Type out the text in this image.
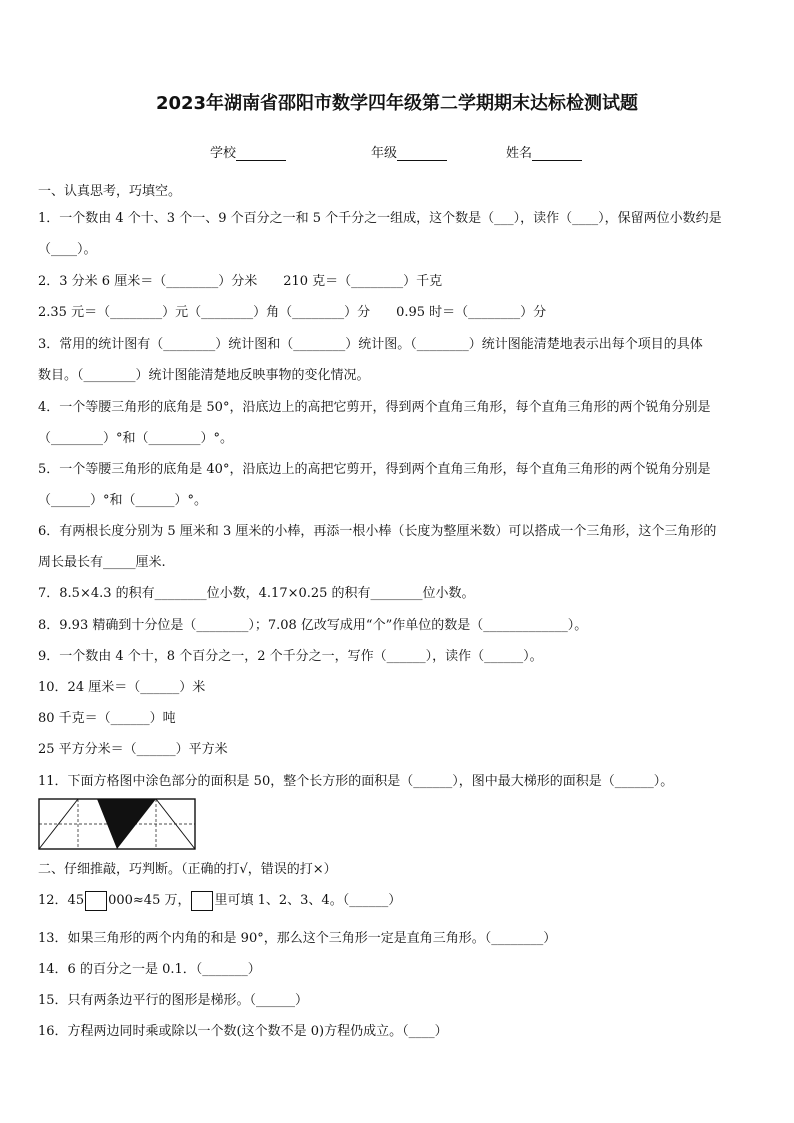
2023年湖南省邵阳市数学四年级第二学期期末达标检测试题
学校	年级	姓名
一、认真思考，巧填空。
1．一个数由 4 个十、3 个一、9 个百分之一和 5 个千分之一组成，这个数是（___），读作（____），保留两位小数约是
（____）。
2．3 分米 6 厘米＝（________）分米　　210 克＝（________）千克
2.35 元＝（________）元（________）角（________）分　　0.95 时＝（________）分
3．常用的统计图有（________）统计图和（________）统计图。（________）统计图能清楚地表示出每个项目的具体
数目。（________）统计图能清楚地反映事物的变化情况。
4．一个等腰三角形的底角是 50°，沿底边上的高把它剪开，得到两个直角三角形，每个直角三角形的两个锐角分别是
（________）°和（________）°。
5．一个等腰三角形的底角是 40°，沿底边上的高把它剪开，得到两个直角三角形，每个直角三角形的两个锐角分别是
（______）°和（______）°。
6．有两根长度分别为 5 厘米和 3 厘米的小棒，再添一根小棒（长度为整厘米数）可以搭成一个三角形，这个三角形的
周长最长有_____厘米.
7．8.5×4.3 的积有________位小数，4.17×0.25 的积有________位小数。
8．9.93 精确到十分位是（________）；7.08 亿改写成用“个”作单位的数是（_____________）。
9．一个数由 4 个十，8 个百分之一，2 个千分之一，写作（______），读作（______）。
10．24 厘米＝（______）米
80 千克＝（______）吨
25 平方分米＝（______）平方米
11．下面方格图中涂色部分的面积是 50，整个长方形的面积是（______），图中最大梯形的面积是（______）。
二、仔细推敲，巧判断。（正确的打√，错误的打×）
12．45 000≈45 万， 里可填 1、2、3、4。（______）
13．如果三角形的两个内角的和是 90°，那么这个三角形一定是直角三角形。（________）
14．6 的百分之一是 0.1．（_______）
15．只有两条边平行的图形是梯形。（______）
16．方程两边同时乘或除以一个数(这个数不是 0)方程仍成立。（____）
